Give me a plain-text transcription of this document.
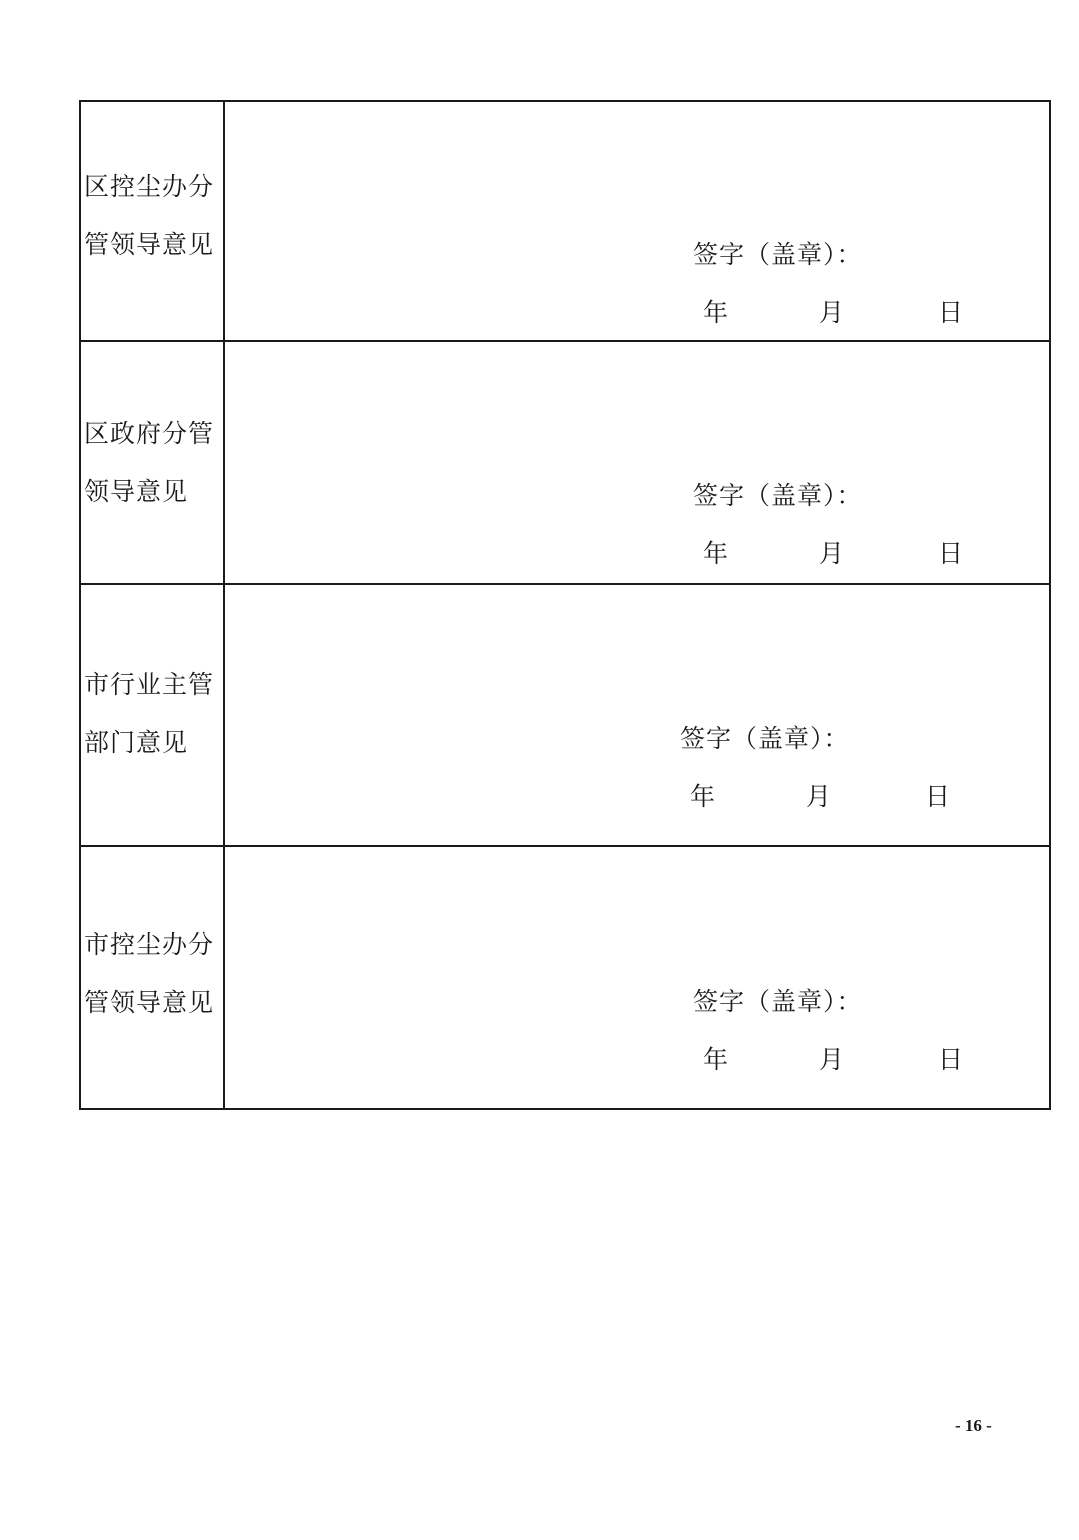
区控尘办分
管领导意见	签字（盖章）：
年 月 日

区政府分管
领导意见	签字（盖章）：
年 月 日

市行业主管
部门意见	签字（盖章）：
年 月 日

市控尘办分
管领导意见	签字（盖章）：
年 月 日
- 16 -
